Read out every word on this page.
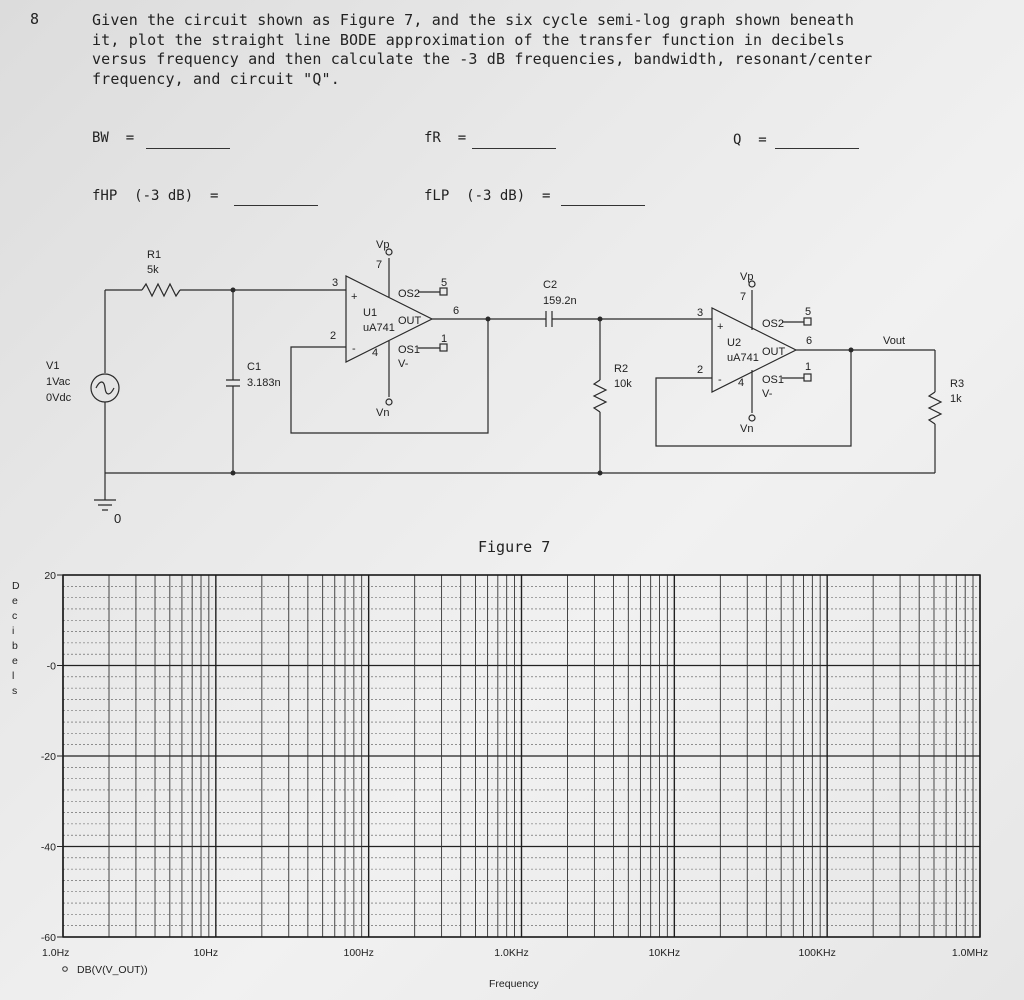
8	Given the circuit shown as Figure 7, and the six cycle semi-log graph shown beneath
it, plot the straight line BODE approximation of the transfer function in decibels
versus frequency and then calculate the -3 dB frequencies, bandwidth, resonant/center
frequency, and circuit "Q".
BW  =	fR  =	Q  =
fHP  (-3 dB)  =	fLP  (-3 dB)  =
R1
5k
V1
1Vac
0Vdc
0
C1
3.183n
C2
159.2n
R2
10k	R3
1k
Vout
U1
uA741
OUT
OS2
OS1
V-
Vp
Vn
3
2
+
-
7
4
5
6
1	U2
uA741 OUT
OS2
OS1
V-
Vp
Vn
3
2
+
-
7
4
5
6
1
Figure 7
D
e
c
i
b
e
l
s
20
-0
-20
-40
-60
1.0Hz	10Hz	100Hz	1.0KHz	10KHz	100KHz	1.0MHz
DB(V(V_OUT))
Frequency
